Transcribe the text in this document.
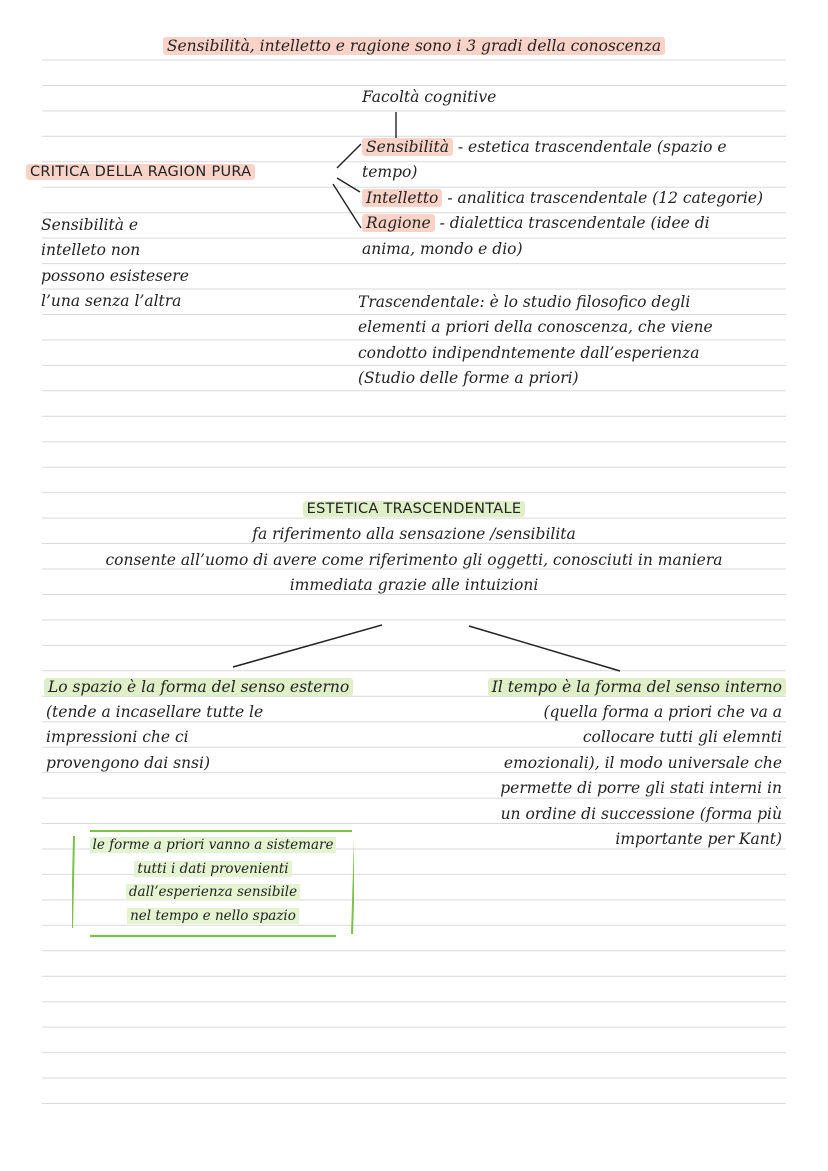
Sensibilità, intelletto e ragione sono i 3 gradi della conoscenza
Facoltà cognitive
CRITICA DELLA RAGION PURA
Sensibilità - estetica trascendentale (spazio e
tempo)
Intelletto - analitica trascendentale (12 categorie)
Ragione - dialettica trascendentale (idee di
anima, mondo e dio)
Sensibilità e
intelleto non
possono esistesere
l’una senza l’altra	Trascendentale: è lo studio filosofico degli
elementi a priori della conoscenza, che viene
condotto indipendntemente dall’esperienza
(Studio delle forme a priori)
ESTETICA TRASCENDENTALE
fa riferimento alla sensazione /sensibilita
consente all’uomo di avere come riferimento gli oggetti, conosciuti in maniera
immediata grazie alle intuizioni
Lo spazio è la forma del senso esterno
(tende a incasellare tutte le
impressioni che ci
provengono dai snsi)
Il tempo è la forma del senso interno
(quella forma a priori che va a
collocare tutti gli elemnti
emozionali), il modo universale che
permette di porre gli stati interni in
un ordine di successione (forma più
importante per Kant)
le forme a priori vanno a sistemare
tutti i dati provenienti
dall’esperienza sensibile
nel tempo e nello spazio
